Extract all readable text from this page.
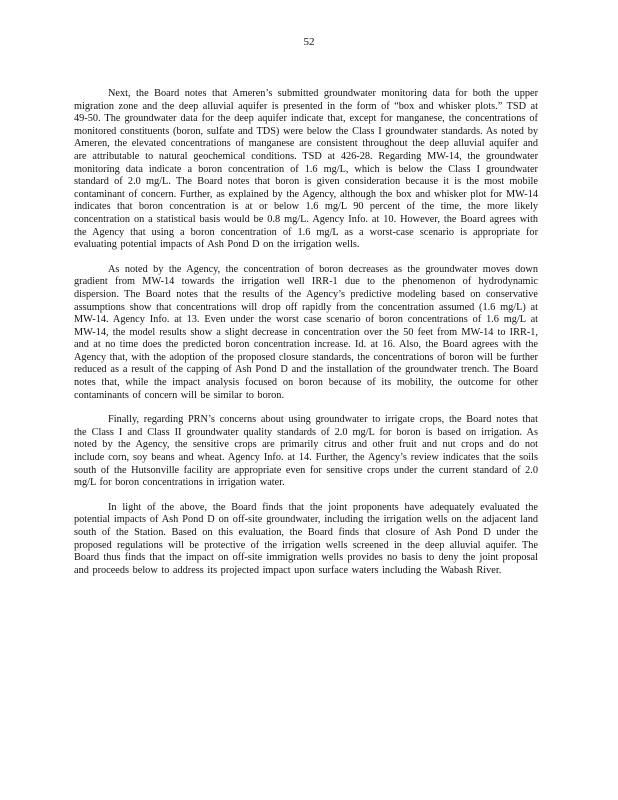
52

Next, the Board notes that Ameren’s submitted groundwater monitoring data for both the upper migration zone and the deep alluvial aquifer is presented in the form of “box and whisker plots.” TSD at 49-50. The groundwater data for the deep aquifer indicate that, except for manganese, the concentrations of monitored constituents (boron, sulfate and TDS) were below the Class I groundwater standards. As noted by Ameren, the elevated concentrations of manganese are consistent throughout the deep alluvial aquifer and are attributable to natural geochemical conditions. TSD at 426-28. Regarding MW-14, the groundwater monitoring data indicate a boron concentration of 1.6 mg/L, which is below the Class I groundwater standard of 2.0 mg/L. The Board notes that boron is given consideration because it is the most mobile contaminant of concern. Further, as explained by the Agency, although the box and whisker plot for MW-14 indicates that boron concentration is at or below 1.6 mg/L 90 percent of the time, the more likely concentration on a statistical basis would be 0.8 mg/L. Agency Info. at 10. However, the Board agrees with the Agency that using a boron concentration of 1.6 mg/L as a worst-case scenario is appropriate for evaluating potential impacts of Ash Pond D on the irrigation wells.

As noted by the Agency, the concentration of boron decreases as the groundwater moves down gradient from MW-14 towards the irrigation well IRR-1 due to the phenomenon of hydrodynamic dispersion. The Board notes that the results of the Agency’s predictive modeling based on conservative assumptions show that concentrations will drop off rapidly from the concentration assumed (1.6 mg/L) at MW-14. Agency Info. at 13. Even under the worst case scenario of boron concentrations of 1.6 mg/L at MW-14, the model results show a slight decrease in concentration over the 50 feet from MW-14 to IRR-1, and at no time does the predicted boron concentration increase. Id. at 16. Also, the Board agrees with the Agency that, with the adoption of the proposed closure standards, the concentrations of boron will be further reduced as a result of the capping of Ash Pond D and the installation of the groundwater trench. The Board notes that, while the impact analysis focused on boron because of its mobility, the outcome for other contaminants of concern will be similar to boron.

Finally, regarding PRN’s concerns about using groundwater to irrigate crops, the Board notes that the Class I and Class II groundwater quality standards of 2.0 mg/L for boron is based on irrigation. As noted by the Agency, the sensitive crops are primarily citrus and other fruit and nut crops and do not include corn, soy beans and wheat. Agency Info. at 14. Further, the Agency’s review indicates that the soils south of the Hutsonville facility are appropriate even for sensitive crops under the current standard of 2.0 mg/L for boron concentrations in irrigation water.

In light of the above, the Board finds that the joint proponents have adequately evaluated the potential impacts of Ash Pond D on off-site groundwater, including the irrigation wells on the adjacent land south of the Station. Based on this evaluation, the Board finds that closure of Ash Pond D under the proposed regulations will be protective of the irrigation wells screened in the deep alluvial aquifer. The Board thus finds that the impact on off-site immigration wells provides no basis to deny the joint proposal and proceeds below to address its projected impact upon surface waters including the Wabash River.
